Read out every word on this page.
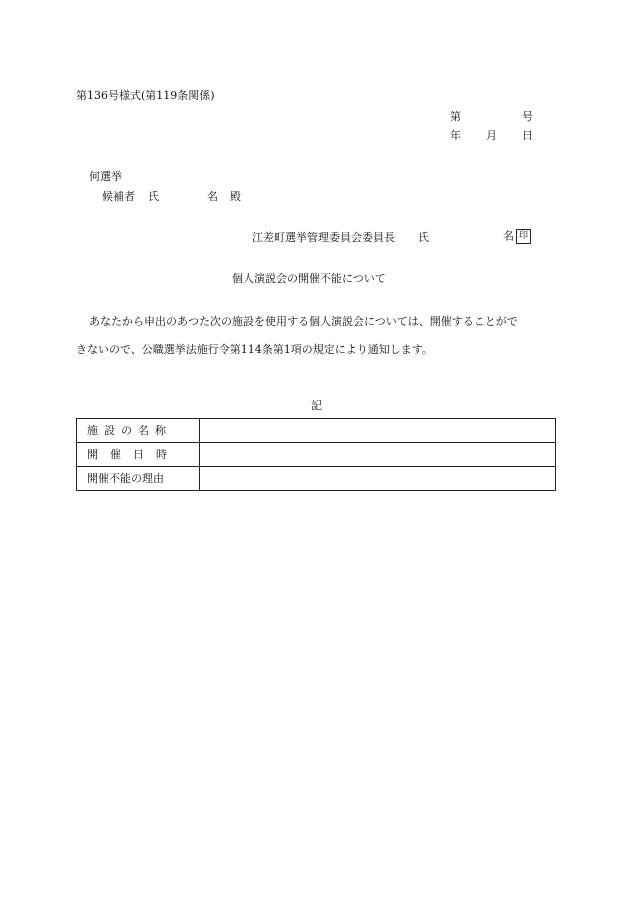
第136号様式(第119条関係)
第	号
年 月 日
何選挙
候補者 氏	名 殿
江差町選挙管理委員会委員長 氏	名 印
個人演説会の開催不能について
あなたから申出のあつた次の施設を使用する個人演説会については、開催することがで
きないので、公職選挙法施行令第114条第1項の規定により通知します。
記
施設の名称	
開催日時	
開催不能の理由	
